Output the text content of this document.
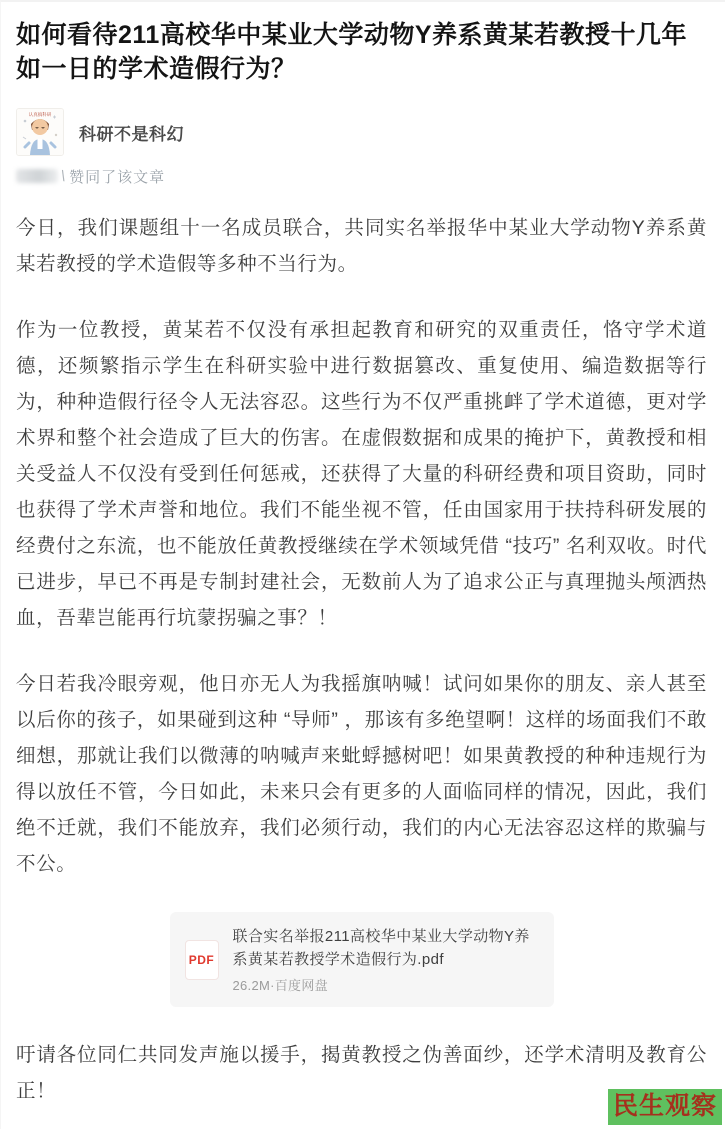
如何看待211高校华中某业大学动物Y养系黄某若教授十几年如一日的学术造假行为？
认真搞科研
科研不是科幻
\ 赞同了该文章

今日，我们课题组十一名成员联合，共同实名举报华中某业大学动物Y养系黄某若教授的学术造假等多种不当行为。

作为一位教授，黄某若不仅没有承担起教育和研究的双重责任，恪守学术道德，还频繁指示学生在科研实验中进行数据篡改、重复使用、编造数据等行为，种种造假行径令人无法容忍。这些行为不仅严重挑衅了学术道德，更对学术界和整个社会造成了巨大的伤害。在虚假数据和成果的掩护下，黄教授和相关受益人不仅没有受到任何惩戒，还获得了大量的科研经费和项目资助，同时也获得了学术声誉和地位。我们不能坐视不管，任由国家用于扶持科研发展的经费付之东流，也不能放任黄教授继续在学术领域凭借 “技巧” 名利双收。时代已进步，早已不再是专制封建社会，无数前人为了追求公正与真理抛头颅洒热血，吾辈岂能再行坑蒙拐骗之事？！

今日若我冷眼旁观，他日亦无人为我摇旗呐喊！试问如果你的朋友、亲人甚至以后你的孩子，如果碰到这种 “导师” ，那该有多绝望啊！这样的场面我们不敢细想，那就让我们以微薄的呐喊声来蚍蜉撼树吧！如果黄教授的种种违规行为得以放任不管，今日如此，未来只会有更多的人面临同样的情况，因此，我们绝不迁就，我们不能放弃，我们必须行动，我们的内心无法容忍这样的欺骗与不公。

PDF
联合实名举报211高校华中某业大学动物Y养系黄某若教授学术造假行为.pdf
26.2M·百度网盘

吁请各位同仁共同发声施以援手，揭黄教授之伪善面纱，还学术清明及教育公正！

民生观察
